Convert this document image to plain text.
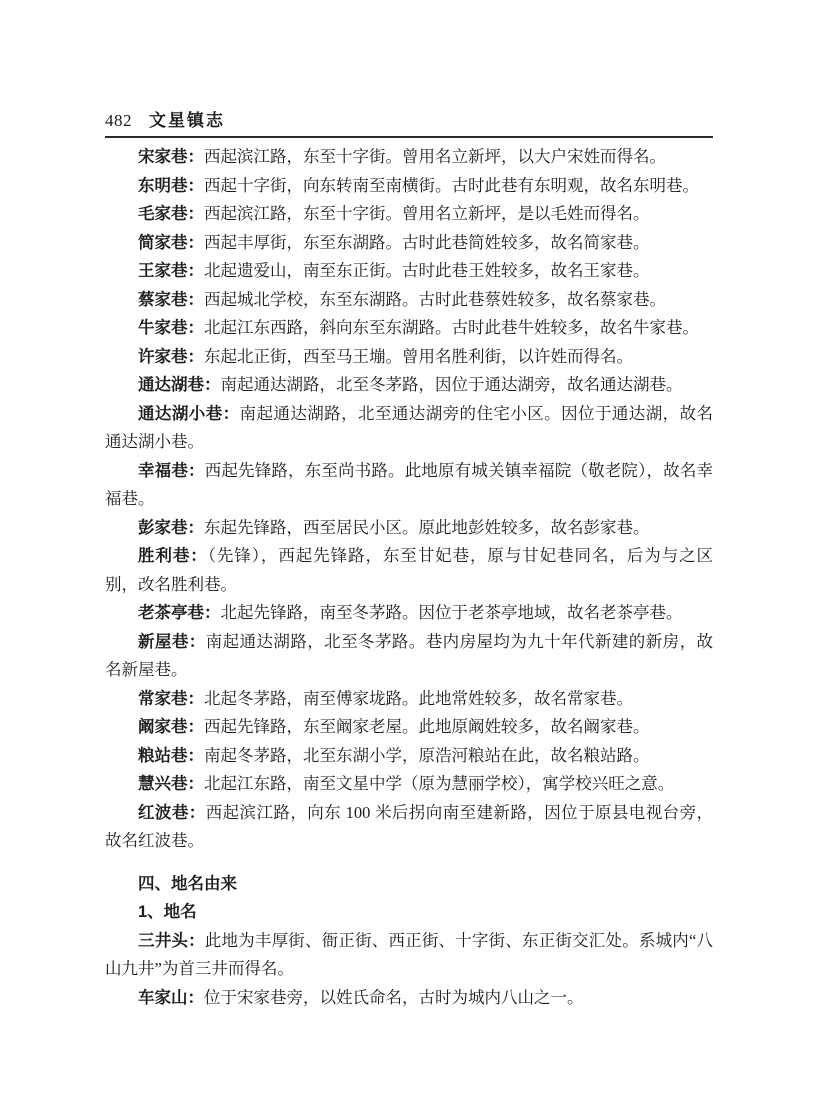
482 文星镇志

宋家巷：西起滨江路，东至十字街。曾用名立新坪，以大户宋姓而得名。

东明巷：西起十字街，向东转南至南横街。古时此巷有东明观，故名东明巷。

毛家巷：西起滨江路，东至十字街。曾用名立新坪，是以毛姓而得名。

简家巷：西起丰厚街，东至东湖路。古时此巷简姓较多，故名简家巷。

王家巷：北起遗爱山，南至东正街。古时此巷王姓较多，故名王家巷。

蔡家巷：西起城北学校，东至东湖路。古时此巷蔡姓较多，故名蔡家巷。

牛家巷：北起江东西路，斜向东至东湖路。古时此巷牛姓较多，故名牛家巷。

许家巷：东起北正街，西至马王塴。曾用名胜利街，以许姓而得名。

通达湖巷：南起通达湖路，北至冬茅路，因位于通达湖旁，故名通达湖巷。

通达湖小巷：南起通达湖路，北至通达湖旁的住宅小区。因位于通达湖，故名通达湖小巷。

幸福巷：西起先锋路，东至尚书路。此地原有城关镇幸福院（敬老院），故名幸福巷。

彭家巷：东起先锋路，西至居民小区。原此地彭姓较多，故名彭家巷。

胜利巷：（先锋），西起先锋路，东至甘妃巷，原与甘妃巷同名，后为与之区别，改名胜利巷。

老茶亭巷：北起先锋路，南至冬茅路。因位于老茶亭地域，故名老茶亭巷。

新屋巷：南起通达湖路，北至冬茅路。巷内房屋均为九十年代新建的新房，故名新屋巷。

常家巷：北起冬茅路，南至傅家垅路。此地常姓较多，故名常家巷。

阚家巷：西起先锋路，东至阚家老屋。此地原阚姓较多，故名阚家巷。

粮站巷：南起冬茅路，北至东湖小学，原浩河粮站在此，故名粮站路。

慧兴巷：北起江东路，南至文星中学（原为慧丽学校），寓学校兴旺之意。

红波巷：西起滨江路，向东 100 米后拐向南至建新路，因位于原县电视台旁，故名红波巷。

四、地名由来

1、地名

三井头：此地为丰厚街、衙正街、西正街、十字街、东正街交汇处。系城内“八山九井”为首三井而得名。

车家山：位于宋家巷旁，以姓氏命名，古时为城内八山之一。
